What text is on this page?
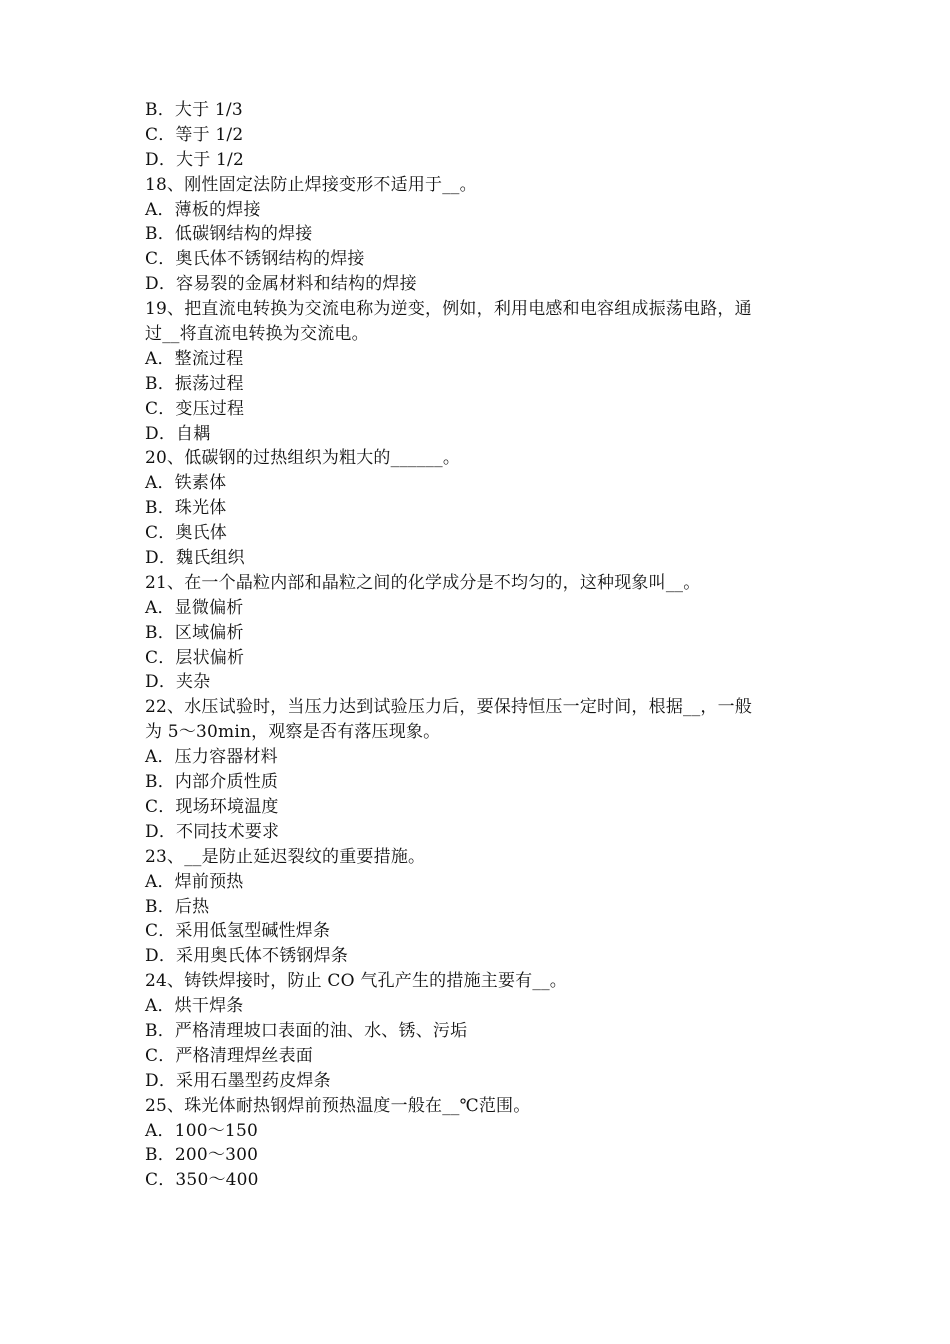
B．大于 1/3
C．等于 1/2
D．大于 1/2
18、刚性固定法防止焊接变形不适用于__。
A．薄板的焊接
B．低碳钢结构的焊接
C．奥氏体不锈钢结构的焊接
D．容易裂的金属材料和结构的焊接
19、把直流电转换为交流电称为逆变，例如，利用电感和电容组成振荡电路，通
过__将直流电转换为交流电。
A．整流过程
B．振荡过程
C．变压过程
D．自耦
20、低碳钢的过热组织为粗大的______。
A．铁素体
B．珠光体
C．奥氏体
D．魏氏组织
21、在一个晶粒内部和晶粒之间的化学成分是不均匀的，这种现象叫__。
A．显微偏析
B．区域偏析
C．层状偏析
D．夹杂
22、水压试验时，当压力达到试验压力后，要保持恒压一定时间，根据__，一般
为 5～30min，观察是否有落压现象。
A．压力容器材料
B．内部介质性质
C．现场环境温度
D．不同技术要求
23、__是防止延迟裂纹的重要措施。
A．焊前预热
B．后热
C．采用低氢型碱性焊条
D．采用奥氏体不锈钢焊条
24、铸铁焊接时，防止 CO 气孔产生的措施主要有__。
A．烘干焊条
B．严格清理坡口表面的油、水、锈、污垢
C．严格清理焊丝表面
D．采用石墨型药皮焊条
25、珠光体耐热钢焊前预热温度一般在__℃范围。
A．100～150
B．200～300
C．350～400
